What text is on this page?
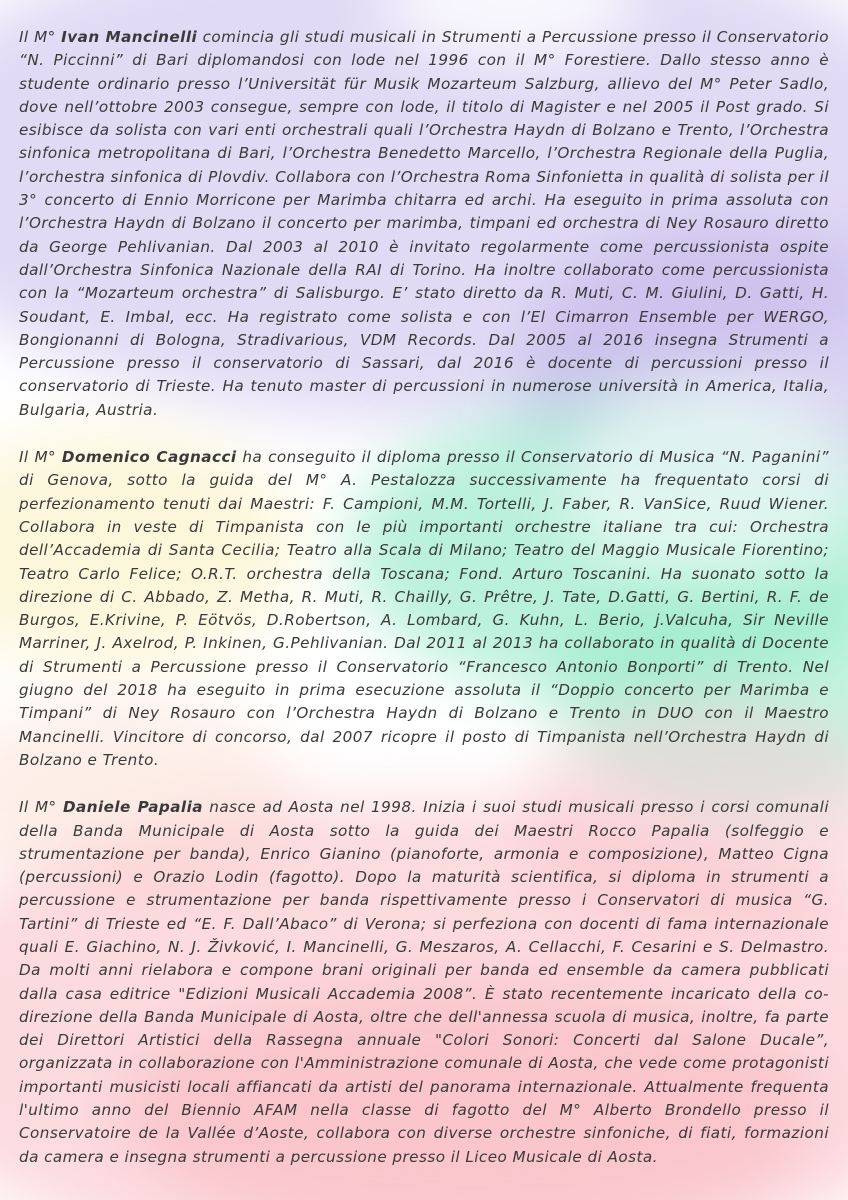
Il M° Ivan Mancinelli comincia gli studi musicali in Strumenti a Percussione presso il Conservatorio “N. Piccinni” di Bari diplomandosi con lode nel 1996 con il M° Forestiere. Dallo stesso anno è studente ordinario presso l’Universität für Musik Mozarteum Salzburg, allievo del M° Peter Sadlo, dove nell’ottobre 2003 consegue, sempre con lode, il titolo di Magister e nel 2005 il Post grado. Si esibisce da solista con vari enti orchestrali quali l’Orchestra Haydn di Bolzano e Trento, l’Orchestra sinfonica metropolitana di Bari, l’Orchestra Benedetto Marcello, l’Orchestra Regionale della Puglia, l’orchestra sinfonica di Plovdiv. Collabora con l’Orchestra Roma Sinfonietta in qualità di solista per il 3° concerto di Ennio Morricone per Marimba chitarra ed archi. Ha eseguito in prima assoluta con l’Orchestra Haydn di Bolzano il concerto per marimba, timpani ed orchestra di Ney Rosauro diretto da George Pehlivanian. Dal 2003 al 2010 è invitato regolarmente come percussionista ospite dall’Orchestra Sinfonica Nazionale della RAI di Torino. Ha inoltre collaborato come percussionista con la “Mozarteum orchestra” di Salisburgo. E’ stato diretto da R. Muti, C. M. Giulini, D. Gatti, H. Soudant, E. Imbal, ecc. Ha registrato come solista e con l’El Cimarron Ensemble per WERGO, Bongionanni di Bologna, Stradivarious, VDM Records. Dal 2005 al 2016 insegna Strumenti a Percussione presso il conservatorio di Sassari, dal 2016 è docente di percussioni presso il conservatorio di Trieste. Ha tenuto master di percussioni in numerose università in America, Italia, Bulgaria, Austria.

Il M° Domenico Cagnacci ha conseguito il diploma presso il Conservatorio di Musica “N. Paganini” di Genova, sotto la guida del M° A. Pestalozza successivamente ha frequentato corsi di perfezionamento tenuti dai Maestri: F. Campioni, M.M. Tortelli, J. Faber, R. VanSice, Ruud Wiener. Collabora in veste di Timpanista con le più importanti orchestre italiane tra cui: Orchestra dell’Accademia di Santa Cecilia; Teatro alla Scala di Milano; Teatro del Maggio Musicale Fiorentino; Teatro Carlo Felice; O.R.T. orchestra della Toscana; Fond. Arturo Toscanini. Ha suonato sotto la direzione di C. Abbado, Z. Metha, R. Muti, R. Chailly, G. Prêtre, J. Tate, D.Gatti, G. Bertini, R. F. de Burgos, E.Krivine, P. Eötvös, D.Robertson, A. Lombard, G. Kuhn, L. Berio, j.Valcuha, Sir Neville Marriner, J. Axelrod, P. Inkinen, G.Pehlivanian. Dal 2011 al 2013 ha collaborato in qualità di Docente di Strumenti a Percussione presso il Conservatorio “Francesco Antonio Bonporti” di Trento. Nel giugno del 2018 ha eseguito in prima esecuzione assoluta il “Doppio concerto per Marimba e Timpani” di Ney Rosauro con l’Orchestra Haydn di Bolzano e Trento in DUO con il Maestro Mancinelli. Vincitore di concorso, dal 2007 ricopre il posto di Timpanista nell’Orchestra Haydn di Bolzano e Trento.

Il M° Daniele Papalia nasce ad Aosta nel 1998. Inizia i suoi studi musicali presso i corsi comunali della Banda Municipale di Aosta sotto la guida dei Maestri Rocco Papalia (solfeggio e strumentazione per banda), Enrico Gianino (pianoforte, armonia e composizione), Matteo Cigna (percussioni) e Orazio Lodin (fagotto). Dopo la maturità scientifica, si diploma in strumenti a percussione e strumentazione per banda rispettivamente presso i Conservatori di musica “G. Tartini” di Trieste ed “E. F. Dall’Abaco” di Verona; si perfeziona con docenti di fama internazionale quali E. Giachino, N. J. Živković, I. Mancinelli, G. Meszaros, A. Cellacchi, F. Cesarini e S. Delmastro. Da molti anni rielabora e compone brani originali per banda ed ensemble da camera pubblicati dalla casa editrice "Edizioni Musicali Accademia 2008”. È stato recentemente incaricato della co-direzione della Banda Municipale di Aosta, oltre che dell'annessa scuola di musica, inoltre, fa parte dei Direttori Artistici della Rassegna annuale "Colori Sonori: Concerti dal Salone Ducale”, organizzata in collaborazione con l'Amministrazione comunale di Aosta, che vede come protagonisti importanti musicisti locali affiancati da artisti del panorama internazionale. Attualmente frequenta l'ultimo anno del Biennio AFAM nella classe di fagotto del M° Alberto Brondello presso il Conservatoire de la Vallée d’Aoste, collabora con diverse orchestre sinfoniche, di fiati, formazioni da camera e insegna strumenti a percussione presso il Liceo Musicale di Aosta.
